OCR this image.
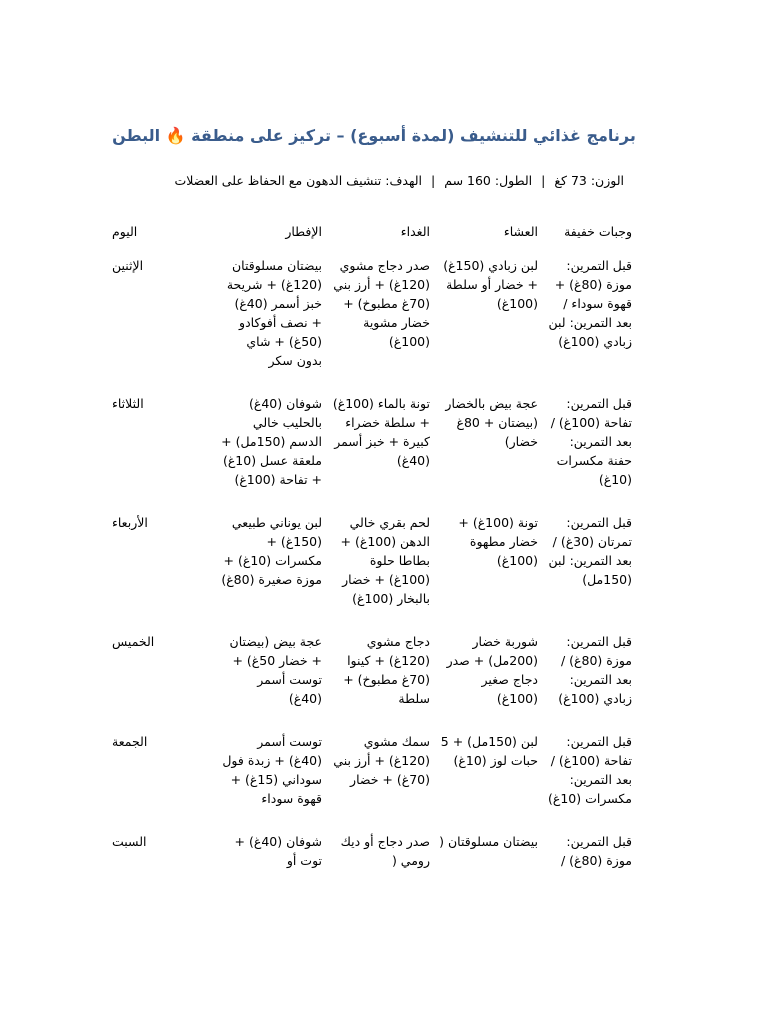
برنامج غذائي للتنشيف (لمدة أسبوع) – تركيز على منطقة 🔥 البطن
الوزن: 73 كغ|الطول: 160 سم|الهدف: تنشيف الدهون مع الحفاظ على العضلات
اليوم	الإفطار	الغداء	العشاء	وجبات خفيفة
الإثنين	بيضتان مسلوقتان (120غ) + شريحة خبز أسمر (40غ) + نصف أفوكادو (50غ) + شاي بدون سكر	صدر دجاج مشوي (120غ) + أرز بني (70غ مطبوخ) + خضار مشوية (100غ)	لبن زبادي (150غ) + خضار أو سلطة (100غ)	قبل التمرين: موزة (80غ) + قهوة سوداء / بعد التمرين: لبن زبادي (100غ)
الثلاثاء	شوفان (40غ) بالحليب خالي الدسم (150مل) + ملعقة عسل (10غ) + تفاحة (100غ)	تونة بالماء (100غ) + سلطة خضراء كبيرة + خبز أسمر (40غ)	عجة بيض بالخضار (بيضتان + 80غ خضار)	قبل التمرين: تفاحة (100غ) / بعد التمرين: حفنة مكسرات (10غ)
الأربعاء	لبن يوناني طبيعي (150غ) + مكسرات (10غ) + موزة صغيرة (80غ)	لحم بقري خالي الدهن (100غ) + بطاطا حلوة (100غ) + خضار بالبخار (100غ)	تونة (100غ) + خضار مطهوة (100غ)	قبل التمرين: تمرتان (30غ) / بعد التمرين: لبن (150مل)
الخميس	عجة بيض (بيضتان + خضار 50غ) + توست أسمر (40غ)	دجاج مشوي (120غ) + كينوا (70غ مطبوخ) + سلطة	شوربة خضار (200مل) + صدر دجاج صغير (100غ)	قبل التمرين: موزة (80غ) / بعد التمرين: زبادي (100غ)
الجمعة	توست أسمر (40غ) + زبدة فول سوداني (15غ) + قهوة سوداء	سمك مشوي (120غ) + أرز بني (70غ) + خضار	لبن (150مل) + 5 حبات لوز (10غ)	قبل التمرين: تفاحة (100غ) / بعد التمرين: مكسرات (10غ)
السبت	شوفان (40غ) + توت أو	صدر دجاج أو ديك رومي (	بيضتان مسلوقتان (	قبل التمرين: موزة (80غ) /
